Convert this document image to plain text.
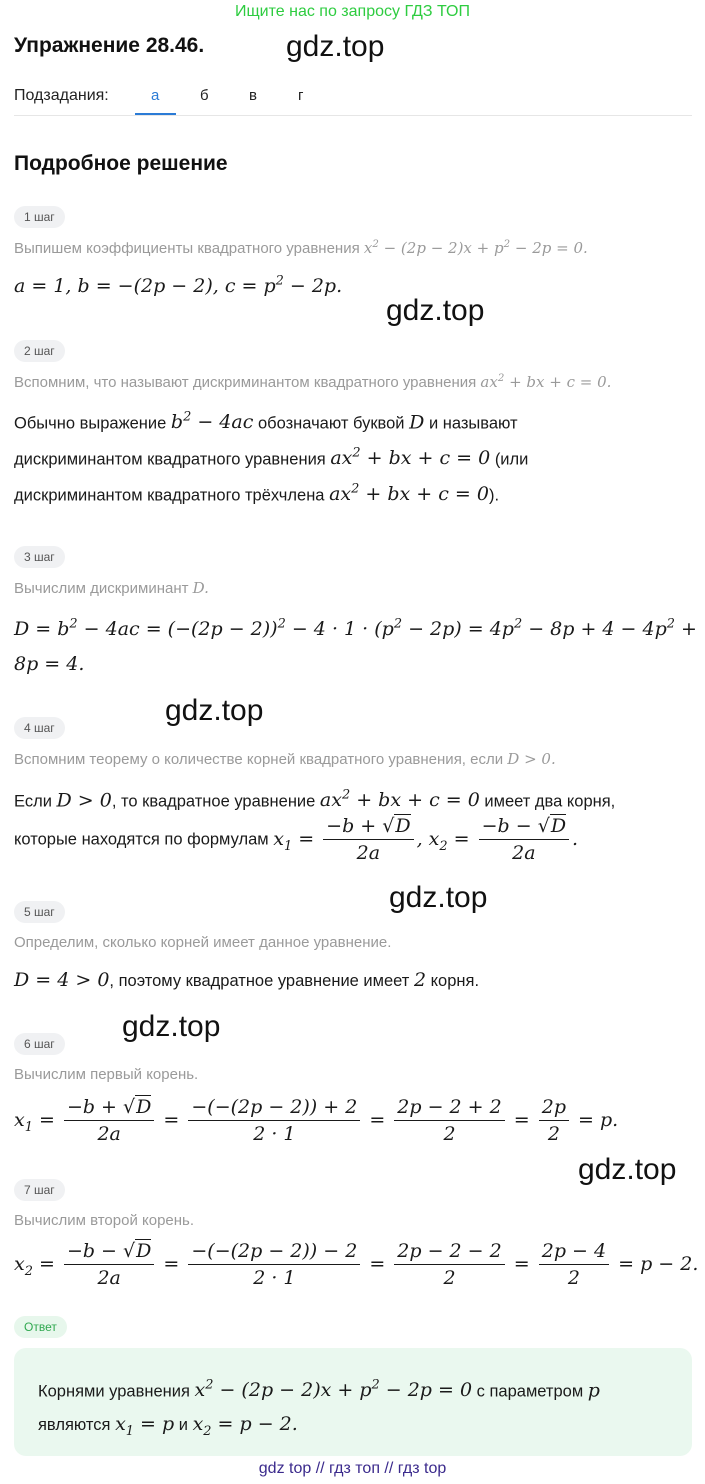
Ищите нас по запросу ГДЗ ТОП
Упражнение 28.46.	gdz.top
Подзадания:	а	б	в	г
Подробное решение
1 шаг
Выпишем коэффициенты квадратного уравнения $x^2 - (2p - 2)x + p^2 - 2p = 0$.
a = 1, b = −(2p − 2), $c = p^2 - 2p$.
gdz.top
2 шаг
Вспомним, что называют дискриминантом квадратного уравнения $ax^2$ + bx + c = 0.
Обычно выражение $b^2 - 4ac$ обозначают буквой D и называют
дискриминантом квадратного уравнения $ax^2$ + bx + c = 0 (или
дискриминантом квадратного трёхчлена $ax^2$ + bx + c = 0).
3 шаг
Вычислим дискриминант D.
$D = b^2 - 4ac = (-(2p - 2))^2 - 4 \cdot 1 \cdot (p^2 - 2p) = 4p^2 - 8p + 4 - 4p^2$ +
8p = 4.
gdz.top
4 шаг
Вспомним теорему о количестве корней квадратного уравнения, если D > 0.
Если D > 0, то квадратное уравнение $ax^2$ + bx + c = 0 имеет два корня,
которые находятся по формулам $x_1 = \frac{-b + √D}{2a}$ , $x_2 = \frac{-b - √D}{2a}$ .
gdz.top
5 шаг
Определим, сколько корней имеет данное уравнение.
D = 4 > 0, поэтому квадратное уравнение имеет 2 корня.
gdz.top
6 шаг
Вычислим первый корень.
$x_1 = \frac{-b + √D}{2a} = \frac{-(-(2p - 2)) + 2}{2 \cdot 1} = \frac{2p - 2 + 2}{2} = \frac{2p}{2} = p$.
gdz.top
7 шаг
Вычислим второй корень.
$x_2 = \frac{-b - √D}{2a} = \frac{-(-(2p - 2)) - 2}{2 \cdot 1} = \frac{2p - 2 - 2}{2} = \frac{2p - 4}{2} = p - 2$.
Ответ
Корнями уравнения $x^2 - (2p - 2)x + p^2 - 2p = 0$ с параметром p
являются $x_1 = p$ и $x_2 = p - 2$.
gdz top // гдз топ // гдз top
